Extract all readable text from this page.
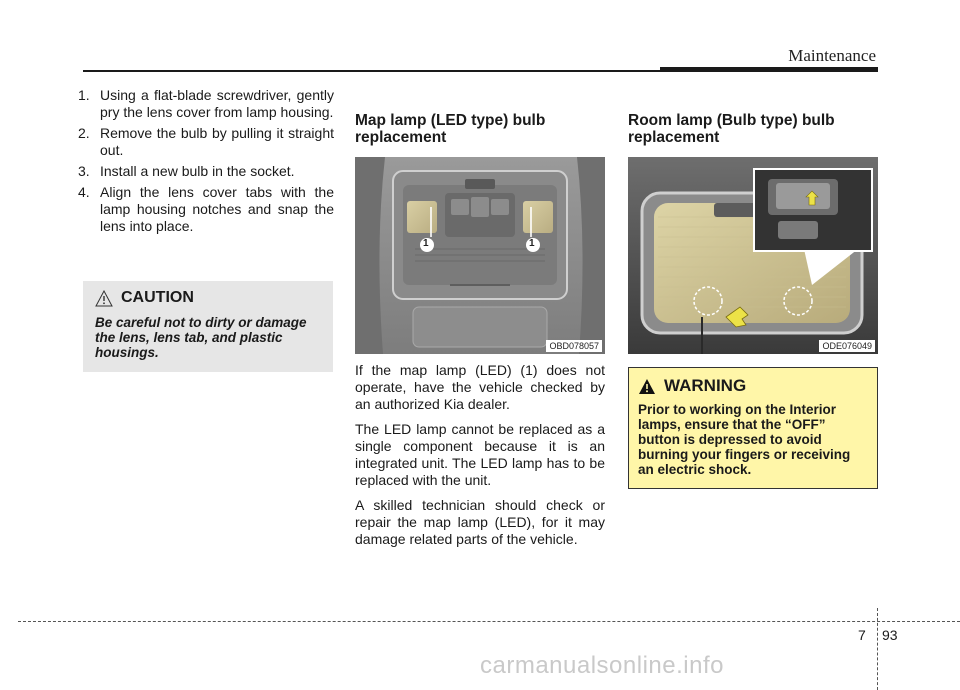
Maintenance
1. Using a flat-blade screwdriver, gently pry the lens cover from lamp housing.
2. Remove the bulb by pulling it straight out.
3. Install a new bulb in the socket.
4. Align the lens cover tabs with the lamp housing notches and snap the lens into place.
CAUTION
Be careful not to dirty or damage the lens, lens tab, and plastic housings.
Map lamp (LED type) bulb replacement
1	1
OBD078057

If the map lamp (LED) (1) does not operate, have the vehicle checked by an authorized Kia dealer.

The LED lamp cannot be replaced as a single component because it is an integrated unit. The LED lamp has to be replaced with the unit.

A skilled technician should check or repair the map lamp (LED), for it may damage related parts of the vehicle.

Room lamp (Bulb type) bulb replacement
ODE076049
WARNING
Prior to working on the Interior lamps, ensure that the “OFF” button is depressed to avoid burning your fingers or receiving an electric shock.
7 93
carmanualsonline.info
